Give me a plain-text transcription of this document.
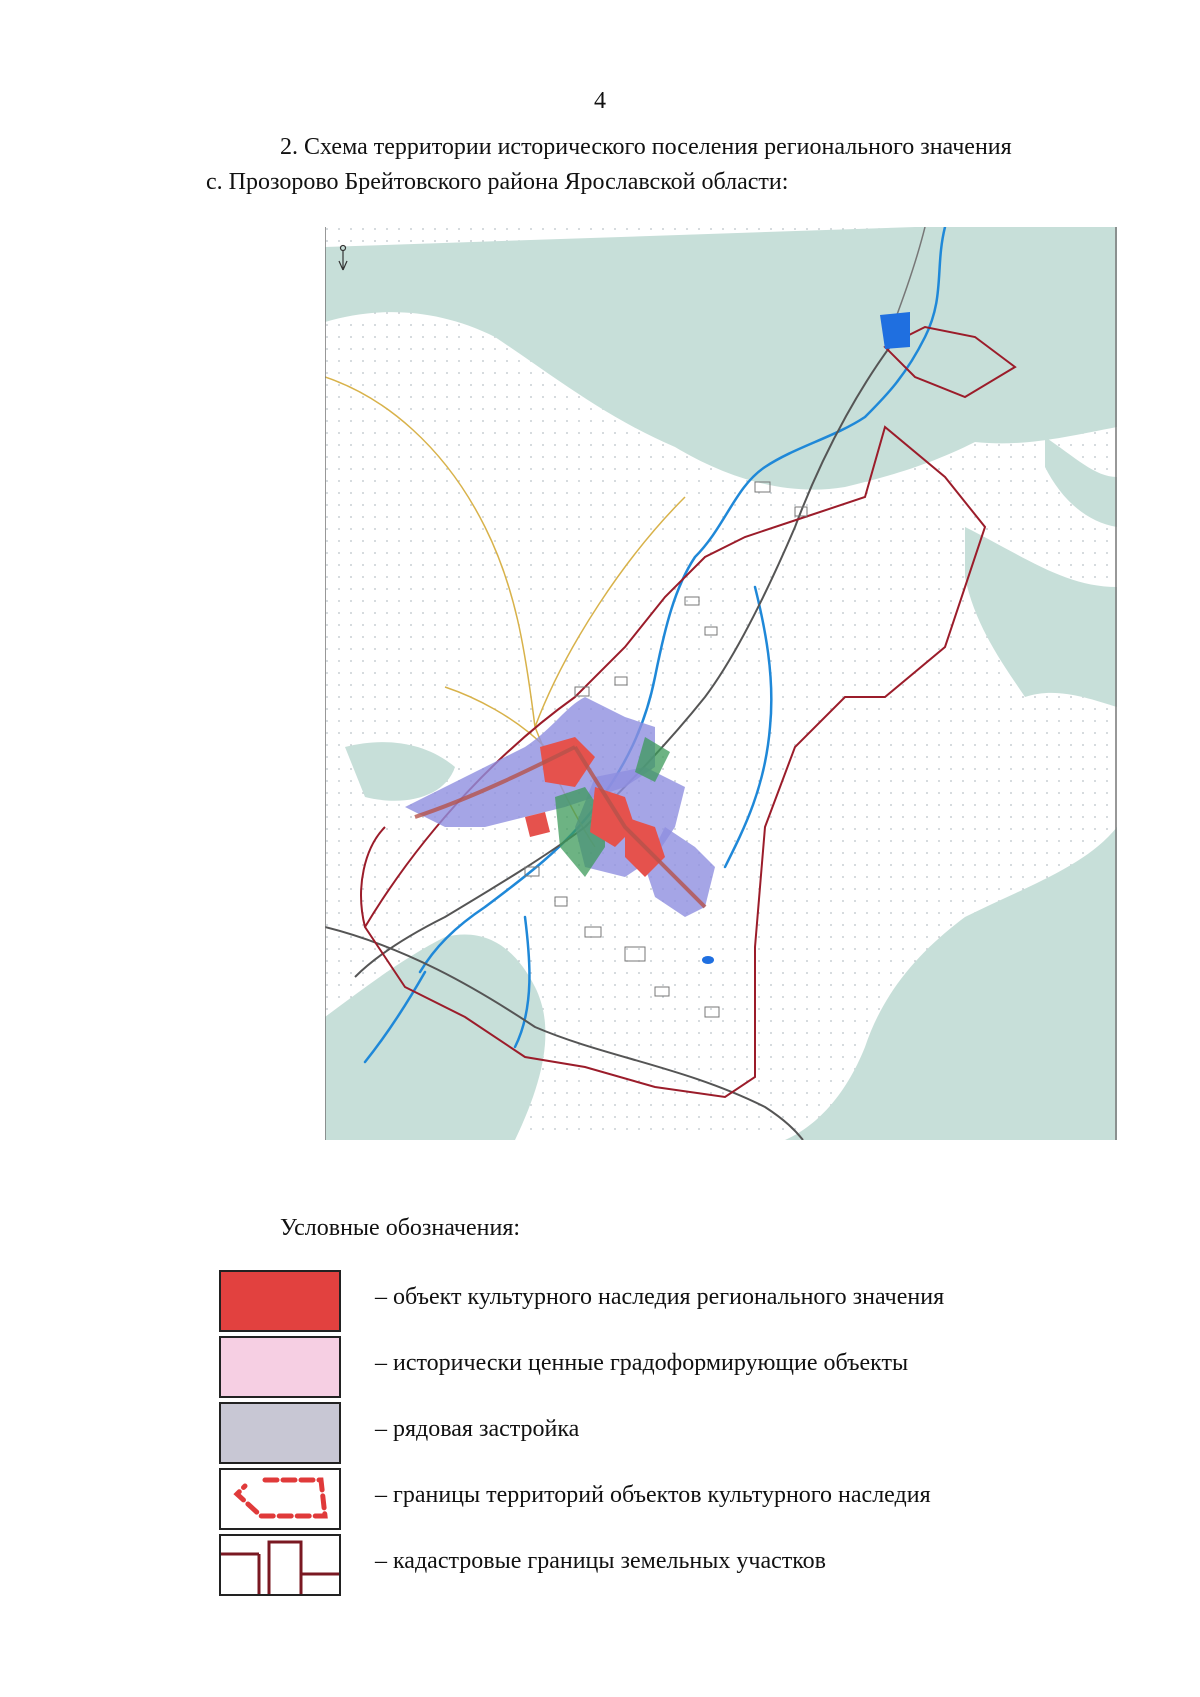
4
2. Схема территории исторического поселения регионального значения
с. Прозорово Брейтовского района Ярославской области:
Условные обозначения:
– объект культурного наследия регионального значения
– исторически ценные градоформирующие объекты
– рядовая застройка
– границы территорий объектов культурного наследия
– кадастровые границы земельных участков
